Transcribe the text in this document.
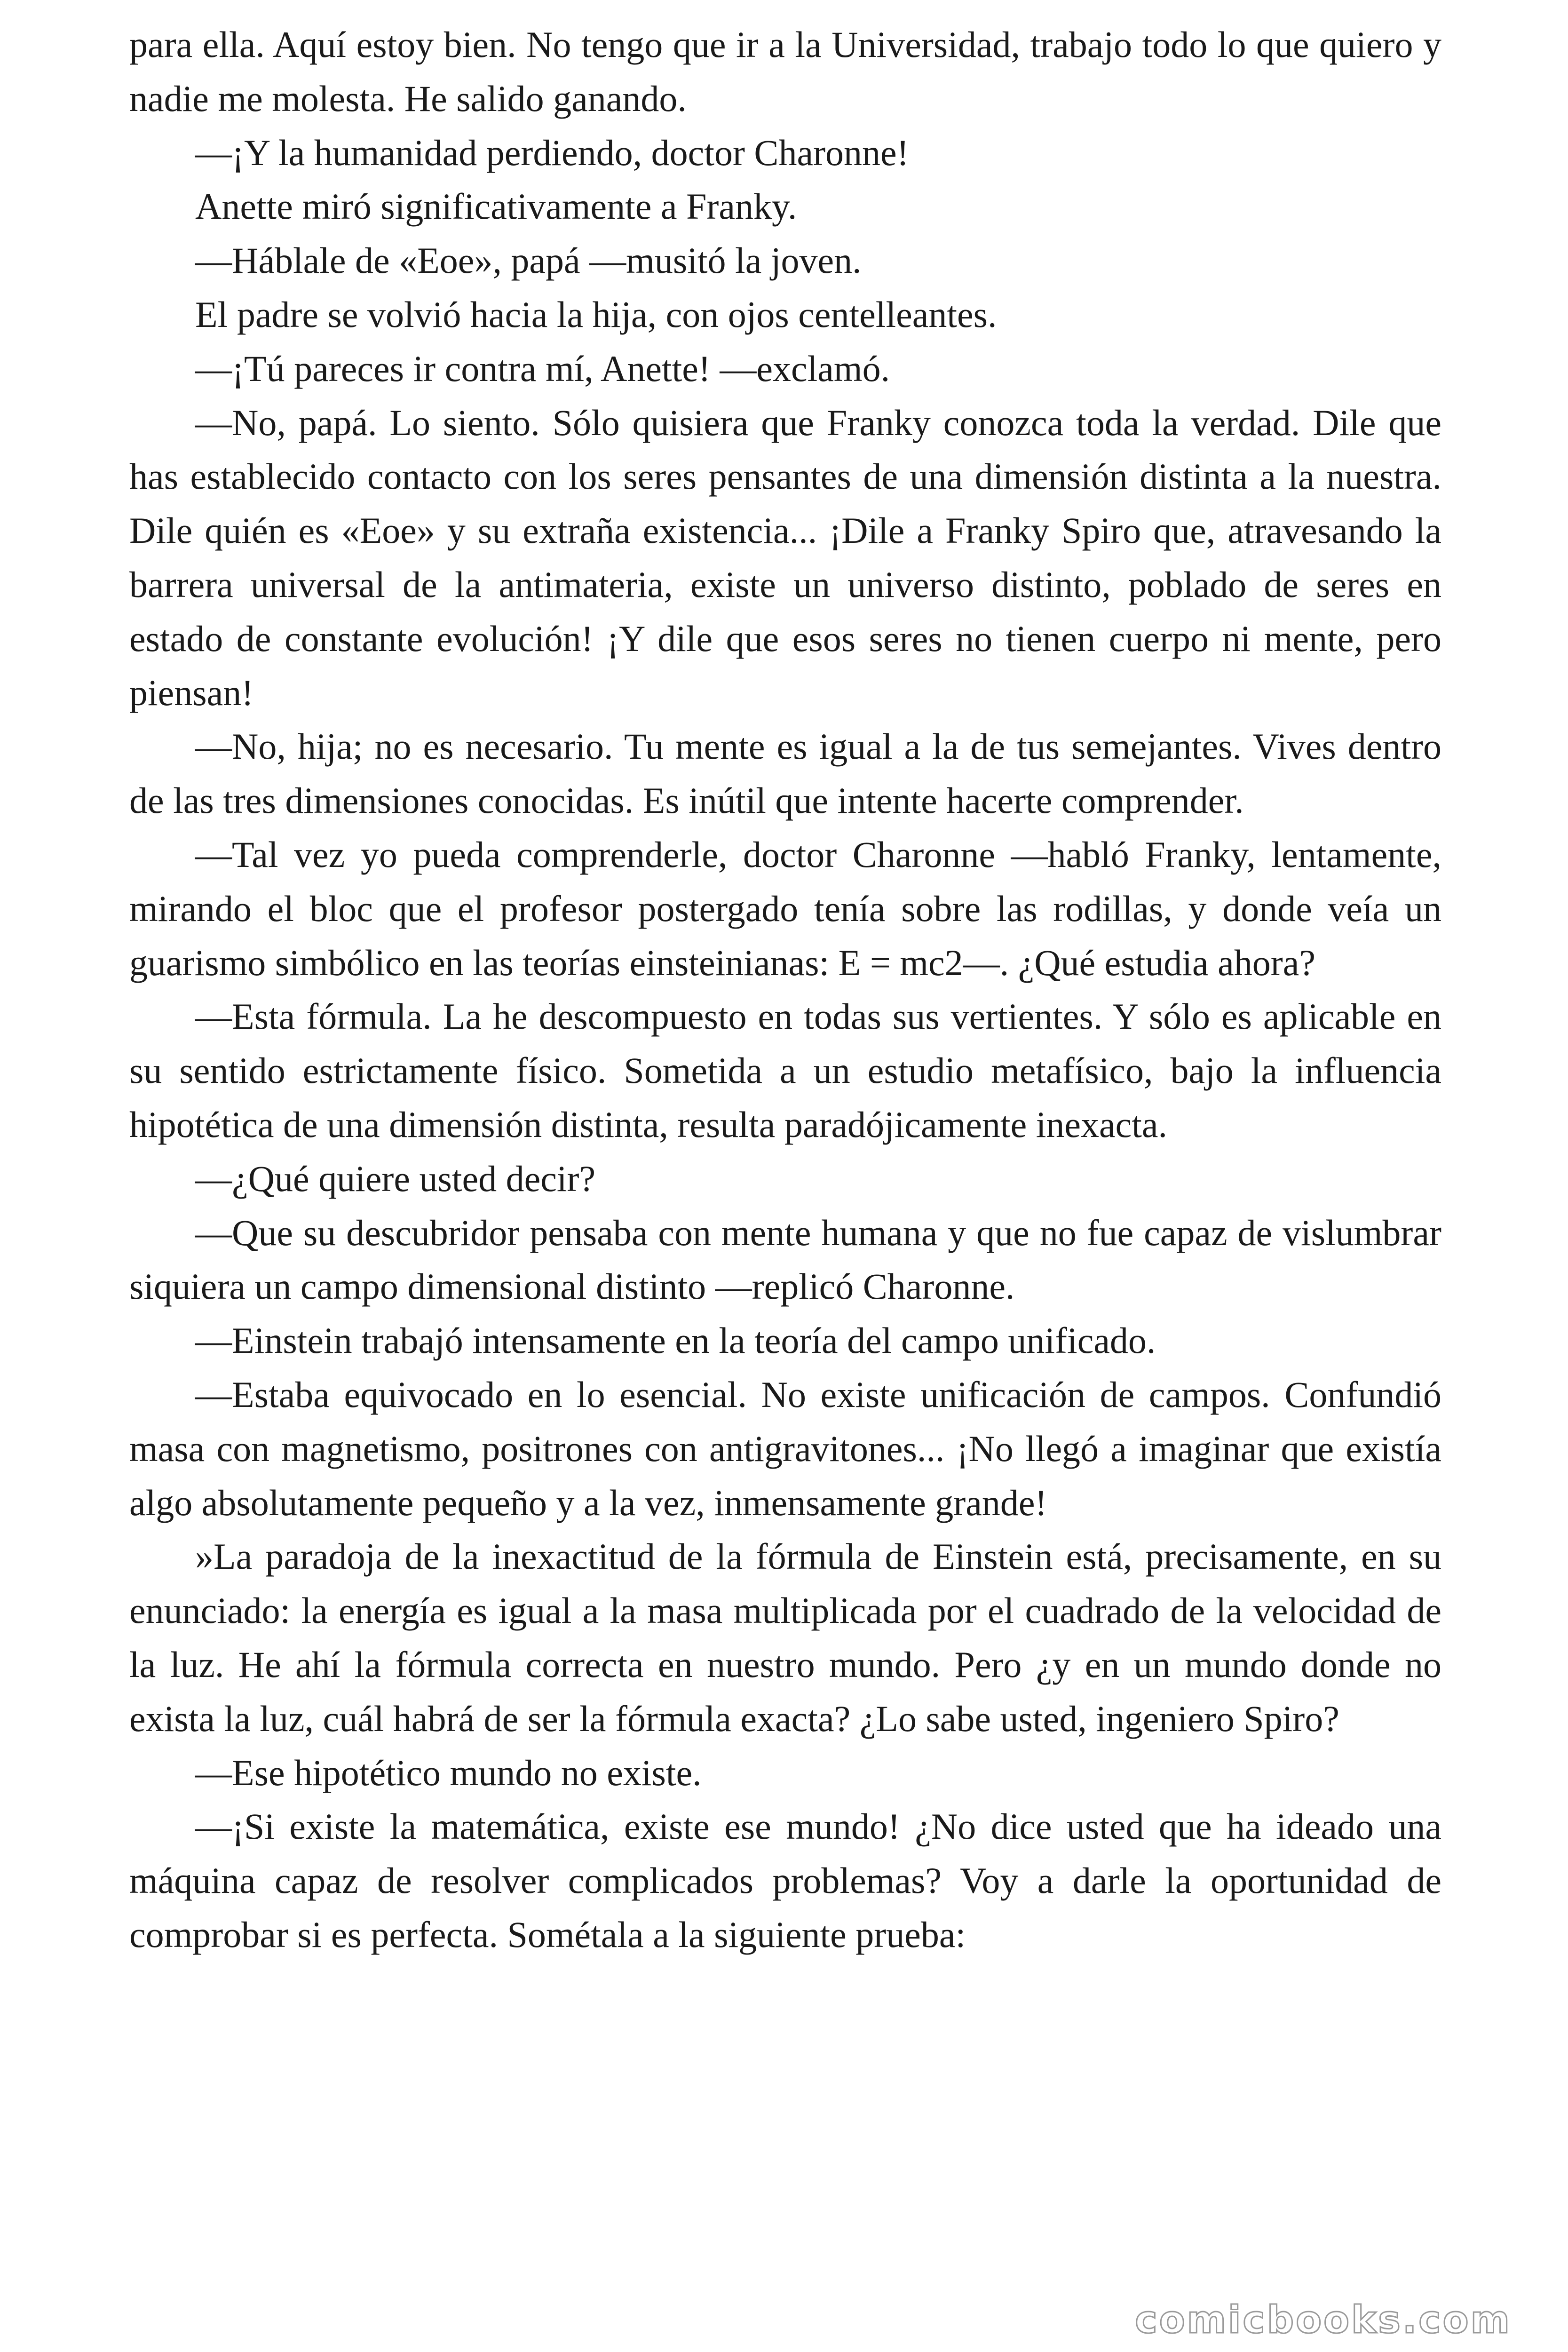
para ella. Aquí estoy bien. No tengo que ir a la Universidad, trabajo todo lo que quiero y nadie me molesta. He salido ganando.

—¡Y la humanidad perdiendo, doctor Charonne!

Anette miró significativamente a Franky.

—Háblale de «Eoe», papá —musitó la joven.

El padre se volvió hacia la hija, con ojos centelleantes.

—¡Tú pareces ir contra mí, Anette! —exclamó.

—No, papá. Lo siento. Sólo quisiera que Franky conozca toda la verdad. Dile que has establecido contacto con los seres pensantes de una dimensión distinta a la nuestra. Dile quién es «Eoe» y su extraña existencia... ¡Dile a Franky Spiro que, atravesando la barrera universal de la antimateria, existe un universo distinto, poblado de seres en estado de constante evolución! ¡Y dile que esos seres no tienen cuerpo ni mente, pero piensan!

—No, hija; no es necesario. Tu mente es igual a la de tus semejantes. Vives dentro de las tres dimensiones conocidas. Es inútil que intente hacerte comprender.

—Tal vez yo pueda comprenderle, doctor Charonne —habló Franky, lentamente, mirando el bloc que el profesor postergado tenía sobre las rodillas, y donde veía un guarismo simbólico en las teorías einsteinianas: E = mc2—. ¿Qué estudia ahora?

—Esta fórmula. La he descompuesto en todas sus vertientes. Y sólo es aplicable en su sentido estrictamente físico. Sometida a un estudio metafísico, bajo la influencia hipotética de una dimensión distinta, resulta paradójicamente inexacta.

—¿Qué quiere usted decir?

—Que su descubridor pensaba con mente humana y que no fue capaz de vislumbrar siquiera un campo dimensional distinto —replicó Charonne.

—Einstein trabajó intensamente en la teoría del campo unificado.

—Estaba equivocado en lo esencial. No existe unificación de campos. Confundió masa con magnetismo, positrones con antigravitones... ¡No llegó a imaginar que existía algo absolutamente pequeño y a la vez, inmensamente grande!

»La paradoja de la inexactitud de la fórmula de Einstein está, precisamente, en su enunciado: la energía es igual a la masa multiplicada por el cuadrado de la velocidad de la luz. He ahí la fórmula correcta en nuestro mundo. Pero ¿y en un mundo donde no exista la luz, cuál habrá de ser la fórmula exacta? ¿Lo sabe usted, ingeniero Spiro?

—Ese hipotético mundo no existe.

—¡Si existe la matemática, existe ese mundo! ¿No dice usted que ha ideado una máquina capaz de resolver complicados problemas? Voy a darle la oportunidad de comprobar si es perfecta. Sométala a la siguiente prueba:

comicbooks.com
